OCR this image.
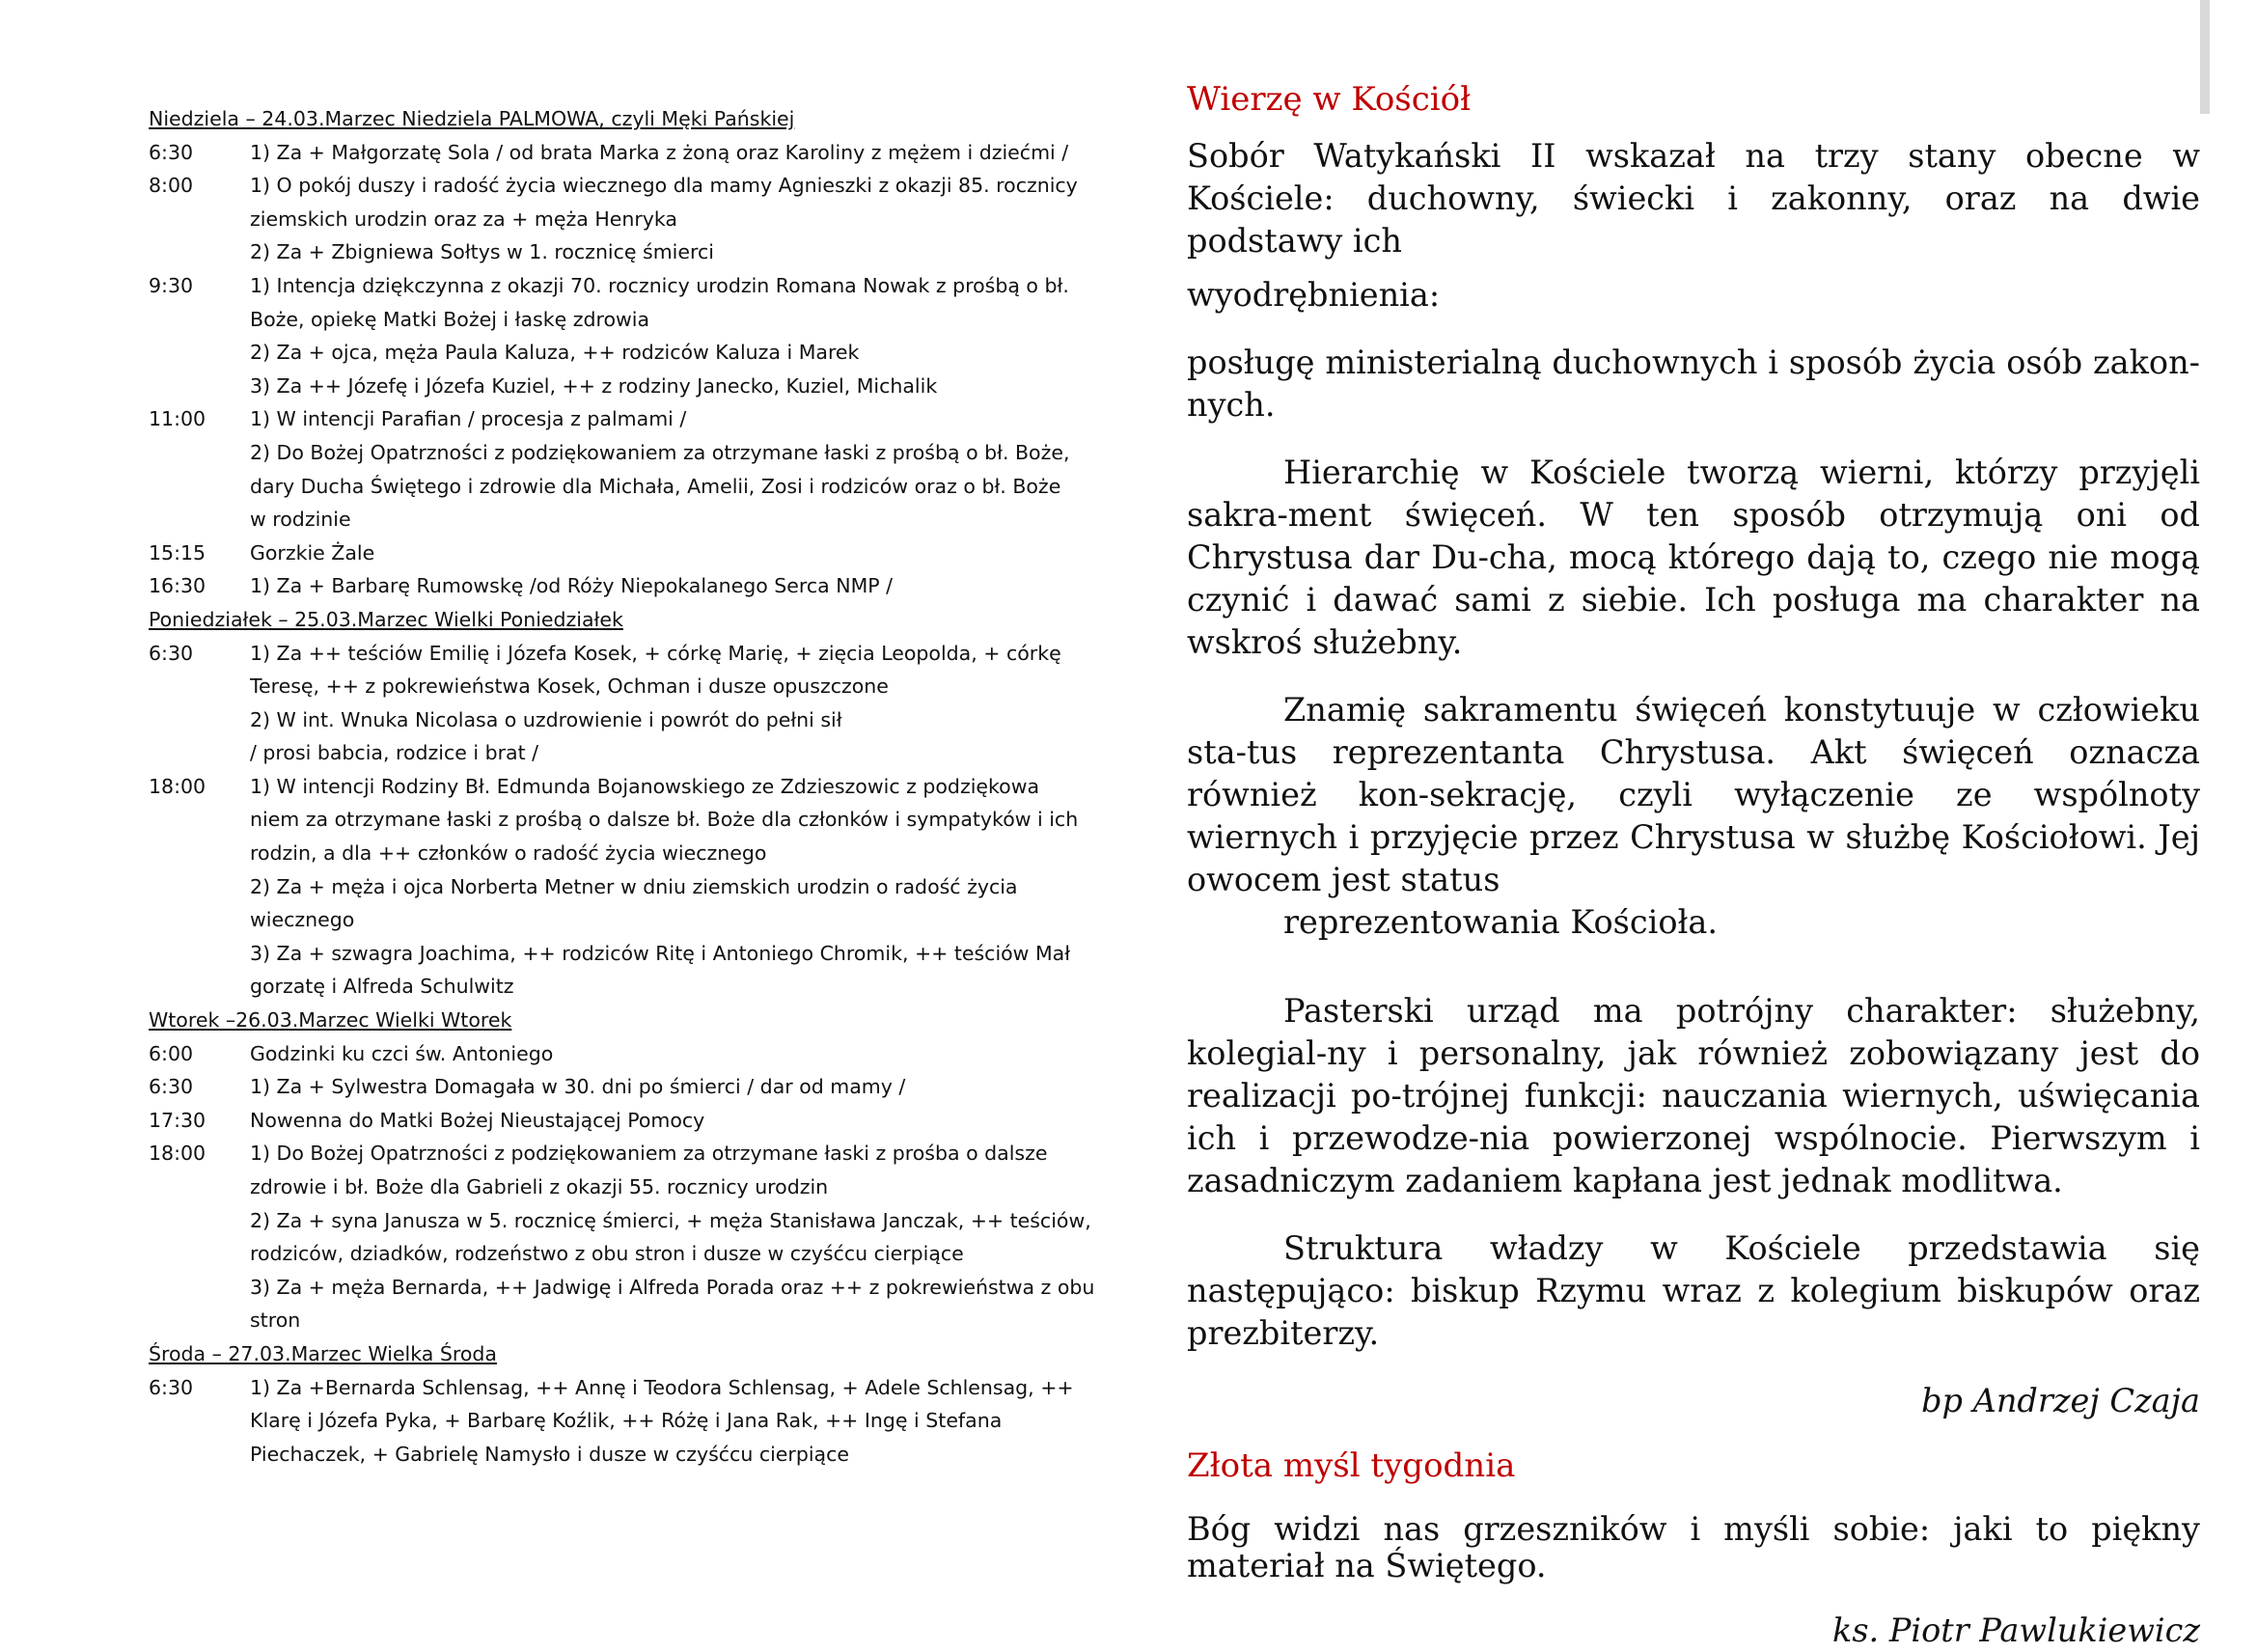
Niedziela – 24.03.Marzec Niedziela PALMOWA, czyli Męki Pańskiej
6:30	1) Za + Małgorzatę Sola / od brata Marka z żoną oraz Karoliny z mężem i dziećmi /
8:00	1) O pokój duszy i radość życia wiecznego dla mamy Agnieszki z okazji 85. rocznicy
ziemskich urodzin oraz za + męża Henryka
2) Za + Zbigniewa Sołtys w 1. rocznicę śmierci
9:30	1) Intencja dziękczynna z okazji 70. rocznicy urodzin Romana Nowak z prośbą o bł.
Boże, opiekę Matki Bożej i łaskę zdrowia
2) Za + ojca, męża Paula Kaluza, ++ rodziców Kaluza i Marek
3) Za ++ Józefę i Józefa Kuziel, ++ z rodziny Janecko, Kuziel, Michalik
11:00	1) W intencji Parafian / procesja z palmami /
2) Do Bożej Opatrzności z podziękowaniem za otrzymane łaski z prośbą o bł. Boże,
dary Ducha Świętego i zdrowie dla Michała, Amelii, Zosi i rodziców oraz o bł. Boże
w rodzinie
15:15	Gorzkie Żale
16:30	1) Za + Barbarę Rumowskę /od Róży Niepokalanego Serca NMP /
Poniedziałek – 25.03.Marzec Wielki Poniedziałek
6:30	1) Za ++ teściów Emilię i Józefa Kosek, + córkę Marię, + zięcia Leopolda, + córkę
Teresę, ++ z pokrewieństwa Kosek, Ochman i dusze opuszczone
2) W int. Wnuka Nicolasa o uzdrowienie i powrót do pełni sił
/ prosi babcia, rodzice i brat /
18:00	1) W intencji Rodziny Bł. Edmunda Bojanowskiego ze Zdzieszowic z podziękowa
niem za otrzymane łaski z prośbą o dalsze bł. Boże dla członków i sympatyków i ich
rodzin, a dla ++ członków o radość życia wiecznego
2) Za + męża i ojca Norberta Metner w dniu ziemskich urodzin o radość życia
wiecznego
3) Za + szwagra Joachima, ++ rodziców Ritę i Antoniego Chromik, ++ teściów Mał
gorzatę i Alfreda Schulwitz
Wtorek –26.03.Marzec Wielki Wtorek
6:00	Godzinki ku czci św. Antoniego
6:30	1) Za + Sylwestra Domagała w 30. dni po śmierci / dar od mamy /
17:30	Nowenna do Matki Bożej Nieustającej Pomocy
18:00	1) Do Bożej Opatrzności z podziękowaniem za otrzymane łaski z prośba o dalsze
zdrowie i bł. Boże dla Gabrieli z okazji 55. rocznicy urodzin
2) Za + syna Janusza w 5. rocznicę śmierci, + męża Stanisława Janczak, ++ teściów,
rodziców, dziadków, rodzeństwo z obu stron i dusze w czyśćcu cierpiące
3) Za + męża Bernarda, ++ Jadwigę i Alfreda Porada oraz ++ z pokrewieństwa z obu
stron
Środa – 27.03.Marzec Wielka Środa
6:30	1) Za +Bernarda Schlensag, ++ Annę i Teodora Schlensag, + Adele Schlensag, ++
Klarę i Józefa Pyka, + Barbarę Koźlik, ++ Różę i Jana Rak, ++ Ingę i Stefana
Piechaczek, + Gabrielę Namysło i dusze w czyśćcu cierpiące
Wierzę w Kościół

Sobór Watykański II wskazał na trzy stany obecne w Kościele: duchowny, świecki i zakonny, oraz na dwie podstawy ich

wyodrębnienia:

posługę ministerialną duchownych i sposób życia osób zakon-nych.

Hierarchię w Kościele tworzą wierni, którzy przyjęli sakra-ment święceń. W ten sposób otrzymują oni od Chrystusa dar Du-cha, mocą którego dają to, czego nie mogą czynić i dawać sami z siebie. Ich posługa ma charakter na wskroś służebny.

Znamię sakramentu święceń konstytuuje w człowieku sta-tus reprezentanta Chrystusa. Akt święceń oznacza również kon-sekrację, czyli wyłączenie ze wspólnoty wiernych i przyjęcie przez Chrystusa w służbę Kościołowi. Jej owocem jest status

reprezentowania Kościoła.

Pasterski urząd ma potrójny charakter: służebny, kolegial-ny i personalny, jak również zobowiązany jest do realizacji po-trójnej funkcji: nauczania wiernych, uświęcania ich i przewodze-nia powierzonej wspólnocie. Pierwszym i zasadniczym zadaniem kapłana jest jednak modlitwa.

Struktura władzy w Kościele przedstawia się następująco: biskup Rzymu wraz z kolegium biskupów oraz prezbiterzy.

bp Andrzej Czaja
Złota myśl tygodnia

Bóg widzi nas grzeszników i myśli sobie: jaki to piękny materiał na Świętego.

ks. Piotr Pawlukiewicz
